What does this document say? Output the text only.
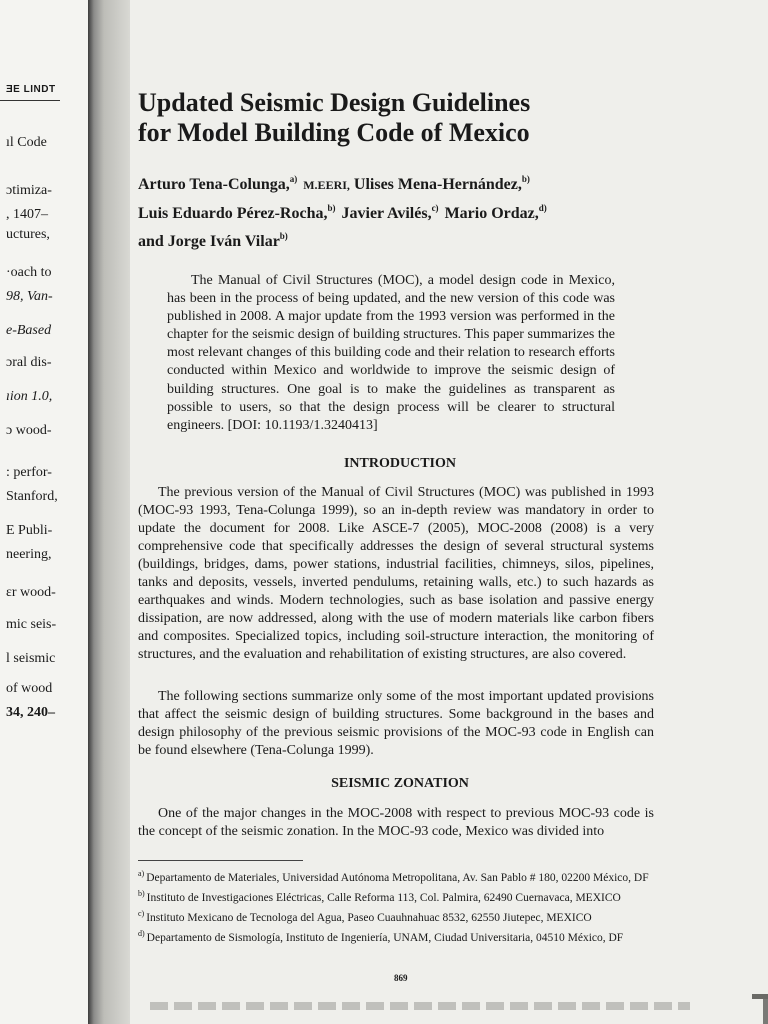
ƎE LINDT
ıl Code
ɔtimiza-
, 1407–
uctures,
·oach to
98, Van-
e-Based
ɔral dis-
ıion 1.0,
ɔ wood-
: perfor-
Stanford,
E Publi-
neering,
ɛr wood-
mic seis-
l seismic
of wood
34, 240–
Updated Seismic Design Guidelines
for Model Building Code of Mexico
Arturo Tena-Colunga,$^{a)}$ M.EERI, Ulises Mena-Hernández,$^{b)}$
Luis Eduardo Pérez-Rocha,$^{b)}$ Javier Avilés,$^{c)}$ Mario Ordaz,$^{d)}$
and Jorge Iván Vilar$^{b)}$

The Manual of Civil Structures (MOC), a model design code in Mexico, has been in the process of being updated, and the new version of this code was published in 2008. A major update from the 1993 version was performed in the chapter for the seismic design of building structures. This paper summarizes the most relevant changes of this building code and their relation to research efforts conducted within Mexico and worldwide to improve the seismic design of building structures. One goal is to make the guidelines as transparent as possible to users, so that the design process will be clearer to structural engineers. [DOI: 10.1193/1.3240413]

INTRODUCTION

The previous version of the Manual of Civil Structures (MOC) was published in 1993 (MOC-93 1993, Tena-Colunga 1999), so an in-depth review was mandatory in order to update the document for 2008. Like ASCE-7 (2005), MOC-2008 (2008) is a very comprehensive code that specifically addresses the design of several structural systems (buildings, bridges, dams, power stations, industrial facilities, chimneys, silos, pipelines, tanks and deposits, vessels, inverted pendulums, retaining walls, etc.) to such hazards as earthquakes and winds. Modern technologies, such as base isolation and passive energy dissipation, are now addressed, along with the use of modern materials like carbon fibers and composites. Specialized topics, including soil-structure interaction, the monitoring of structures, and the evaluation and rehabilitation of existing structures, are also covered.

The following sections summarize only some of the most important updated provisions that affect the seismic design of building structures. Some background in the bases and design philosophy of the previous seismic provisions of the MOC-93 code in English can be found elsewhere (Tena-Colunga 1999).

SEISMIC ZONATION

One of the major changes in the MOC-2008 with respect to previous MOC-93 code is the concept of the seismic zonation. In the MOC-93 code, Mexico was divided into

$^{a)}$ Departamento de Materiales, Universidad Autónoma Metropolitana, Av. San Pablo # 180, 02200 México, DF
$^{b)}$ Instituto de Investigaciones Eléctricas, Calle Reforma 113, Col. Palmira, 62490 Cuernavaca, MEXICO
$^{c)}$ Instituto Mexicano de Tecnologa del Agua, Paseo Cuauhnahuac 8532, 62550 Jiutepec, MEXICO
$^{d)}$ Departamento de Sismología, Instituto de Ingeniería, UNAM, Ciudad Universitaria, 04510 México, DF
869
